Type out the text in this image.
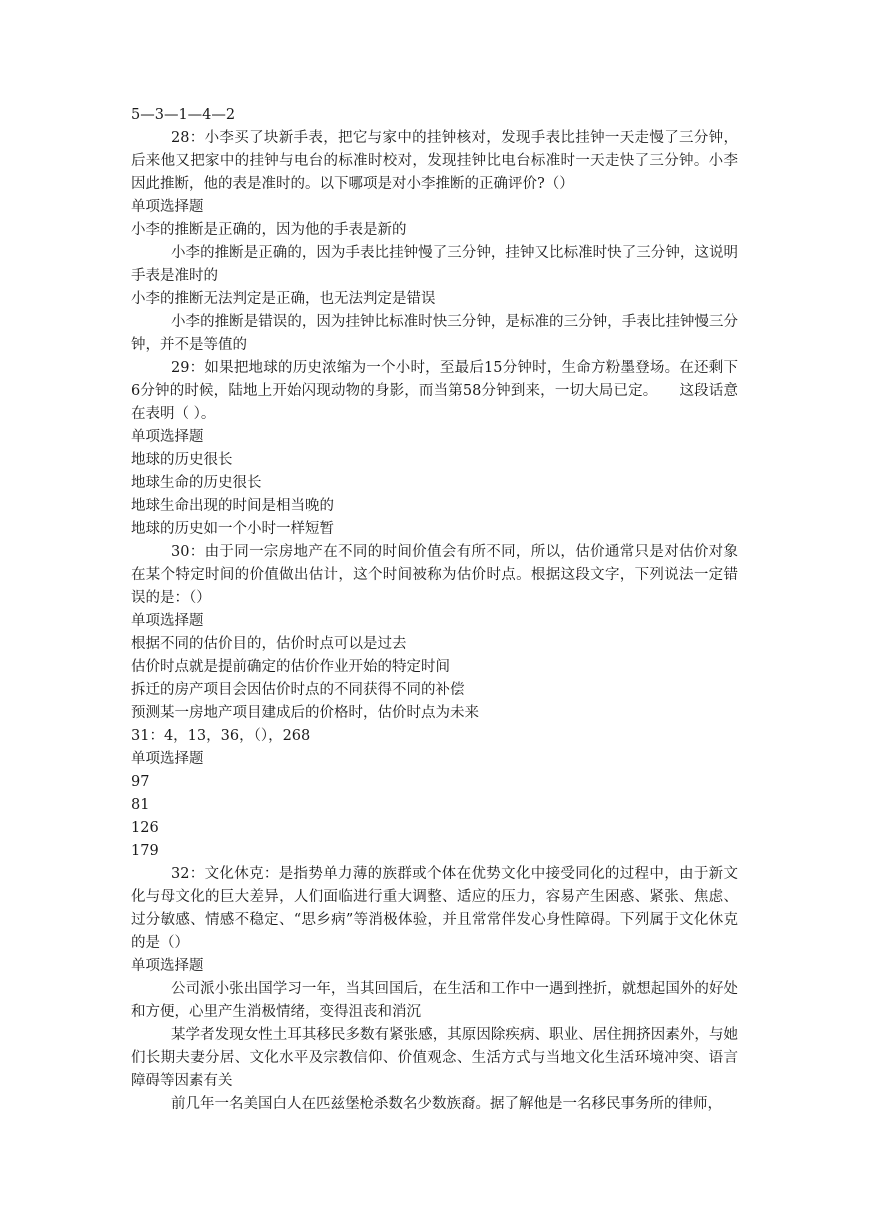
5—3—1—4—2

28：小李买了块新手表，把它与家中的挂钟核对，发现手表比挂钟一天走慢了三分钟，后来他又把家中的挂钟与电台的标准时校对，发现挂钟比电台标准时一天走快了三分钟。小李因此推断，他的表是准时的。以下哪项是对小李推断的正确评价?（）

单项选择题

小李的推断是正确的，因为他的手表是新的

小李的推断是正确的，因为手表比挂钟慢了三分钟，挂钟又比标准时快了三分钟，这说明手表是准时的

小李的推断无法判定是正确，也无法判定是错误

小李的推断是错误的，因为挂钟比标准时快三分钟，是标准的三分钟，手表比挂钟慢三分钟，并不是等值的

29：如果把地球的历史浓缩为一个小时，至最后15分钟时，生命方粉墨登场。在还剩下6分钟的时候，陆地上开始闪现动物的身影，而当第58分钟到来，一切大局已定。　　这段话意在表明（ ）。

单项选择题

地球的历史很长

地球生命的历史很长

地球生命出现的时间是相当晚的

地球的历史如一个小时一样短暂

30：由于同一宗房地产在不同的时间价值会有所不同，所以，估价通常只是对估价对象在某个特定时间的价值做出估计，这个时间被称为估价时点。根据这段文字，下列说法一定错误的是：（）

单项选择题

根据不同的估价目的，估价时点可以是过去

估价时点就是提前确定的估价作业开始的特定时间

拆迁的房产项目会因估价时点的不同获得不同的补偿

预测某一房地产项目建成后的价格时，估价时点为未来

31：4，13，36，（），268

单项选择题

97

81

126

179

32：文化休克：是指势单力薄的族群或个体在优势文化中接受同化的过程中，由于新文化与母文化的巨大差异，人们面临进行重大调整、适应的压力，容易产生困惑、紧张、焦虑、过分敏感、情感不稳定、“思乡病”等消极体验，并且常常伴发心身性障碍。下列属于文化休克的是（）

单项选择题

公司派小张出国学习一年，当其回国后，在生活和工作中一遇到挫折，就想起国外的好处和方便，心里产生消极情绪，变得沮丧和消沉

某学者发现女性土耳其移民多数有紧张感，其原因除疾病、职业、居住拥挤因素外，与她们长期夫妻分居、文化水平及宗教信仰、价值观念、生活方式与当地文化生活环境冲突、语言障碍等因素有关

前几年一名美国白人在匹兹堡枪杀数名少数族裔。据了解他是一名移民事务所的律师，
